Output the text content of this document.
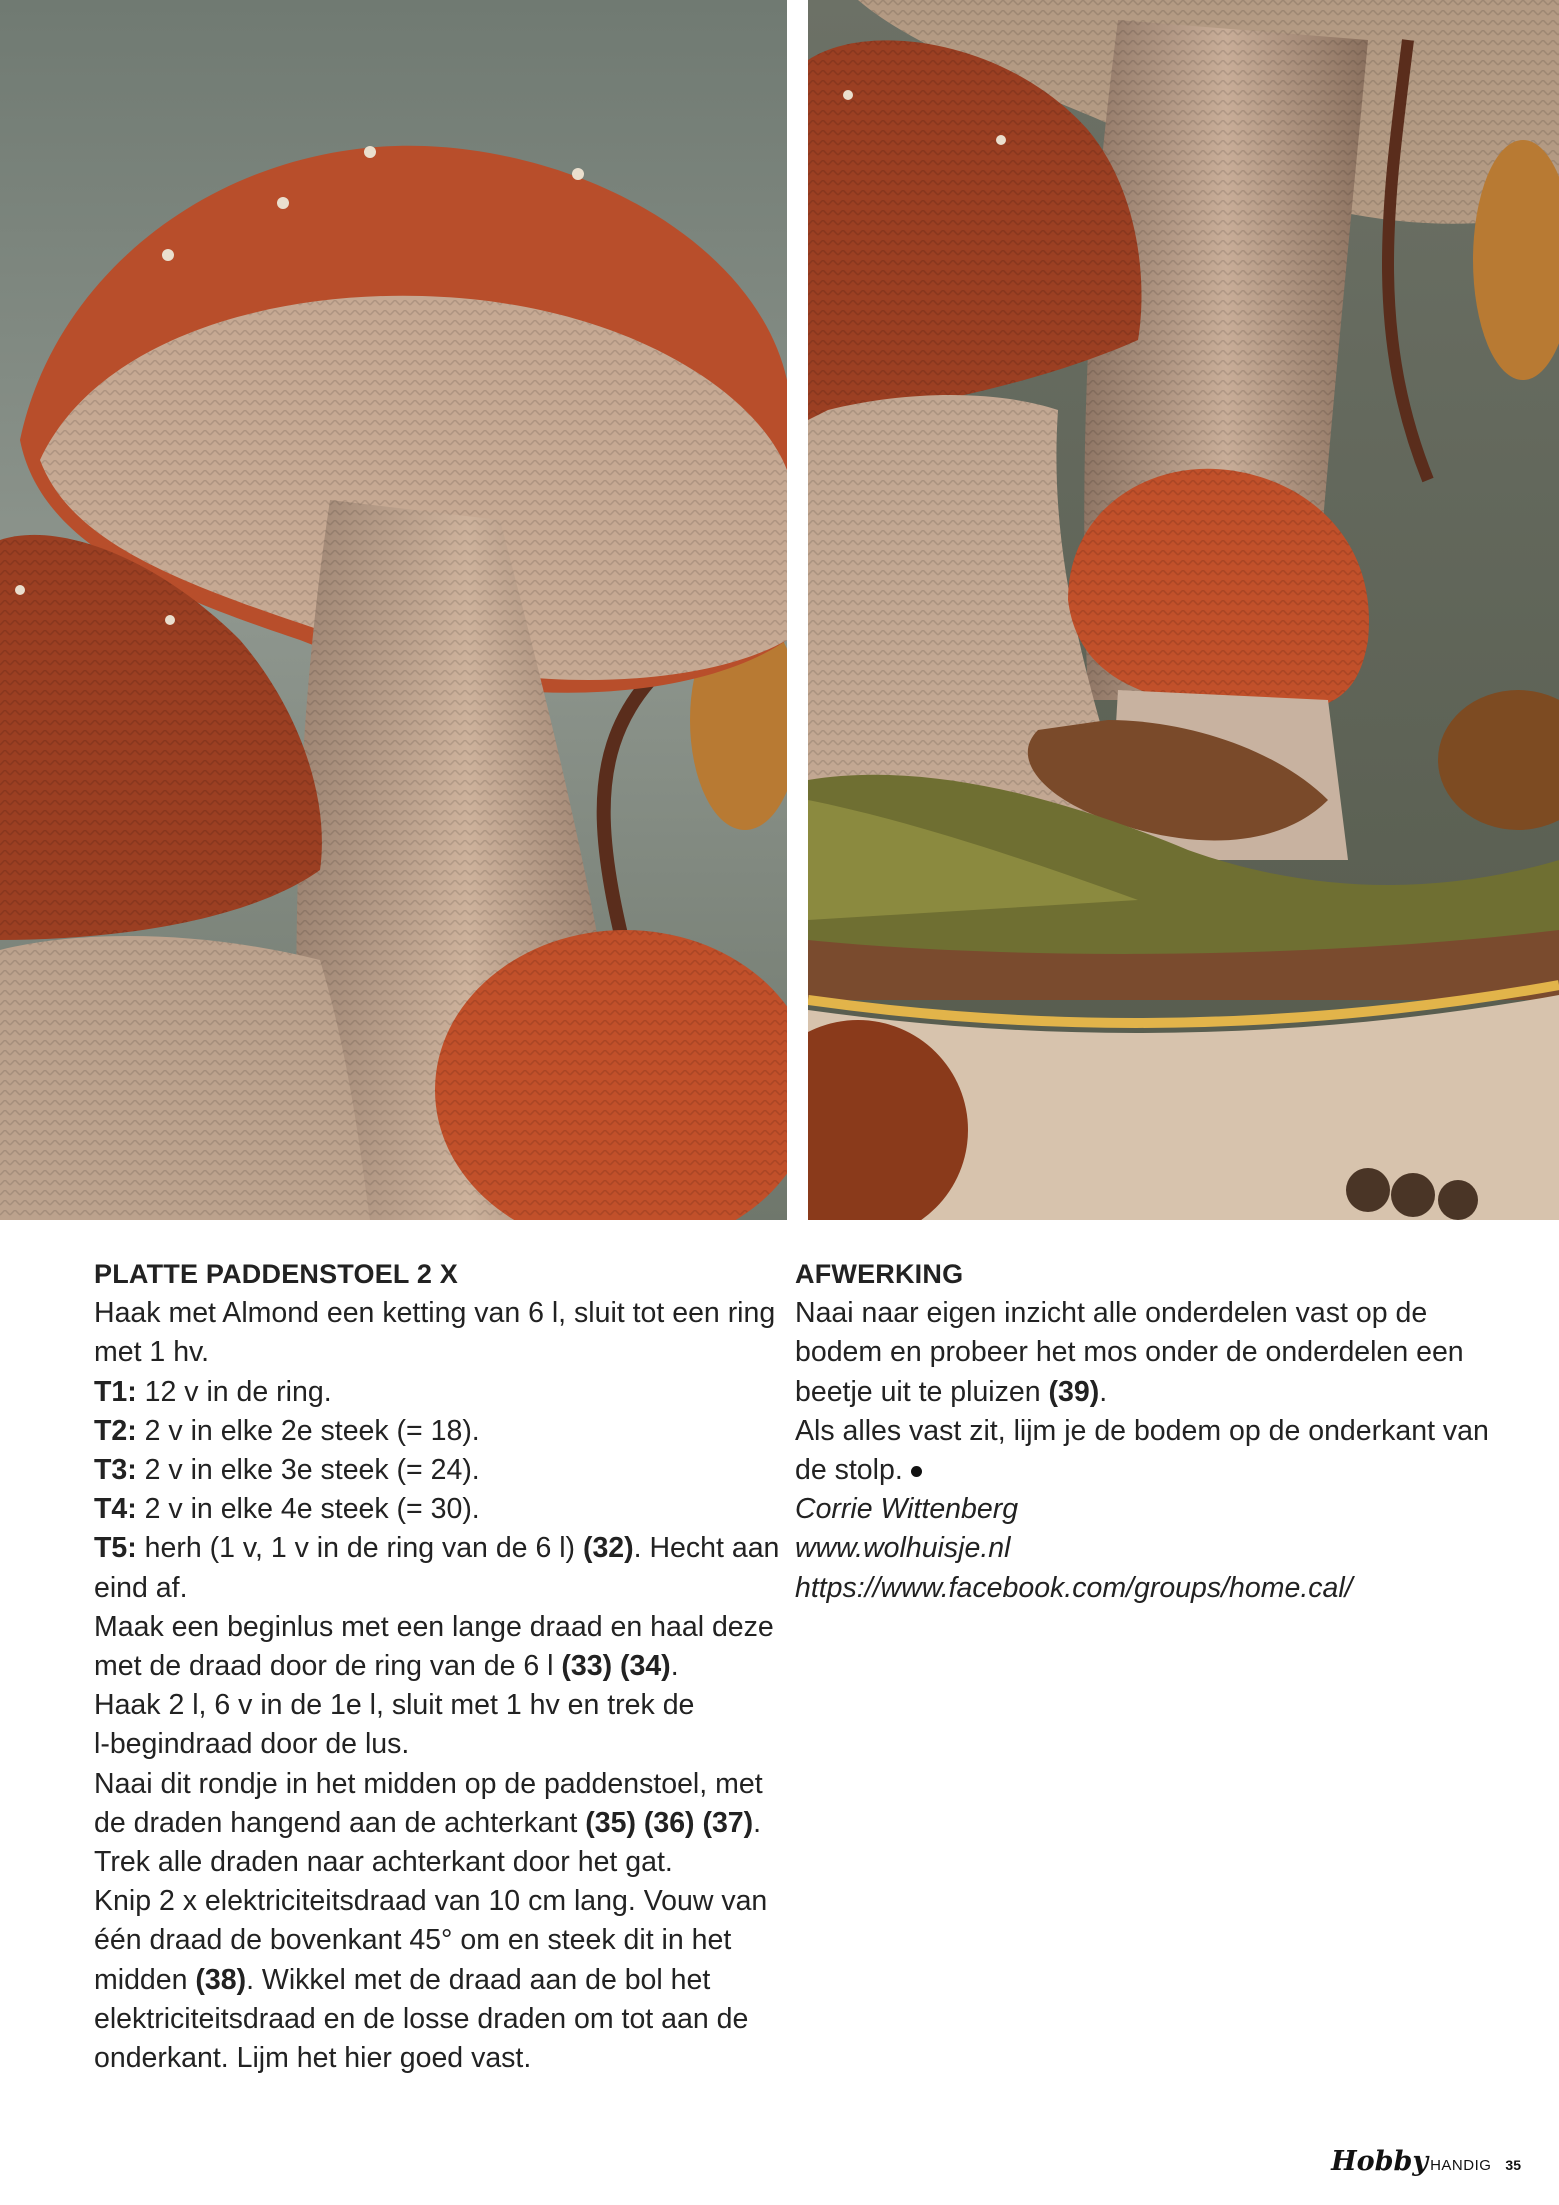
PLATTE PADDENSTOEL 2 X
Haak met Almond een ketting van 6 l, sluit tot een ring
met 1 hv.
T1: 12 v in de ring.
T2: 2 v in elke 2e steek (= 18).
T3: 2 v in elke 3e steek (= 24).
T4: 2 v in elke 4e steek (= 30).
T5: herh (1 v, 1 v in de ring van de 6 l) (32). Hecht aan
eind af.
Maak een beginlus met een lange draad en haal deze
met de draad door de ring van de 6 l (33) (34).
Haak 2 l, 6 v in de 1e l, sluit met 1 hv en trek de
l-begindraad door de lus.
Naai dit rondje in het midden op de paddenstoel, met
de draden hangend aan de achterkant (35) (36) (37).
Trek alle draden naar achterkant door het gat.
Knip 2 x elektriciteitsdraad van 10 cm lang. Vouw van
één draad de bovenkant 45° om en steek dit in het
midden (38). Wikkel met de draad aan de bol het
elektriciteitsdraad en de losse draden om tot aan de
onderkant. Lijm het hier goed vast.
AFWERKING
Naai naar eigen inzicht alle onderdelen vast op de
bodem en probeer het mos onder de onderdelen een
beetje uit te pluizen (39).
Als alles vast zit, lijm je de bodem op de onderkant van
de stolp.
Corrie Wittenberg
www.wolhuisje.nl
https://www.facebook.com/groups/home.cal/
Hobby HANDIG 35
